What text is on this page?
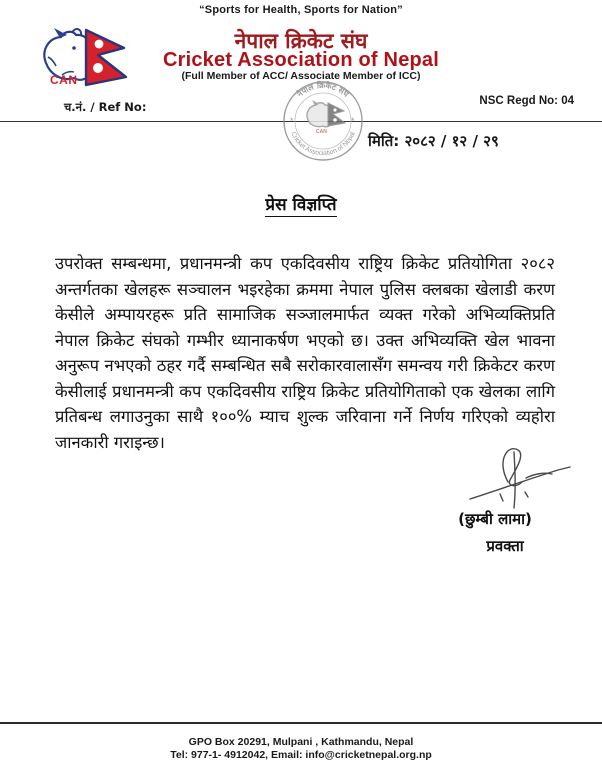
“Sports for Health, Sports for Nation”
CAN
नेपाल क्रिकेट संघ
Cricket Association of Nepal
(Full Member of ACC/ Associate Member of ICC)
च.नं. / Ref No:	NSC Regd No: 04
नेपाल क्रिकेट संघ
Cricket Association of Nepal
*	*
CAN	मिति: २०८२ / १२ / २९
प्रेस विज्ञप्ति
उपरोक्त सम्बन्धमा, प्रधानमन्त्री कप एकदिवसीय राष्ट्रिय क्रिकेट प्रतियोगिता २०८२ अन्तर्गतका खेलहरू सञ्चालन भइरहेका क्रममा नेपाल पुलिस क्लबका खेलाडी करण केसीले अम्पायरहरू प्रति सामाजिक सञ्जालमार्फत व्यक्त गरेको अभिव्यक्तिप्रति नेपाल क्रिकेट संघको गम्भीर ध्यानाकर्षण भएको छ। उक्त अभिव्यक्ति खेल भावना अनुरूप नभएको ठहर गर्दै सम्बन्धित सबै सरोकारवालासँग समन्वय गरी क्रिकेटर करण केसीलाई प्रधानमन्त्री कप एकदिवसीय राष्ट्रिय क्रिकेट प्रतियोगिताको एक खेलका लागि प्रतिबन्ध लगाउनुका साथै १००% म्याच शुल्क जरिवाना गर्ने निर्णय गरिएको व्यहोरा जानकारी गराइन्छ।
(छुम्बी लामा)
प्रवक्ता
GPO Box 20291, Mulpani , Kathmandu, Nepal
Tel: 977-1- 4912042, Email: info@cricketnepal.org.np
